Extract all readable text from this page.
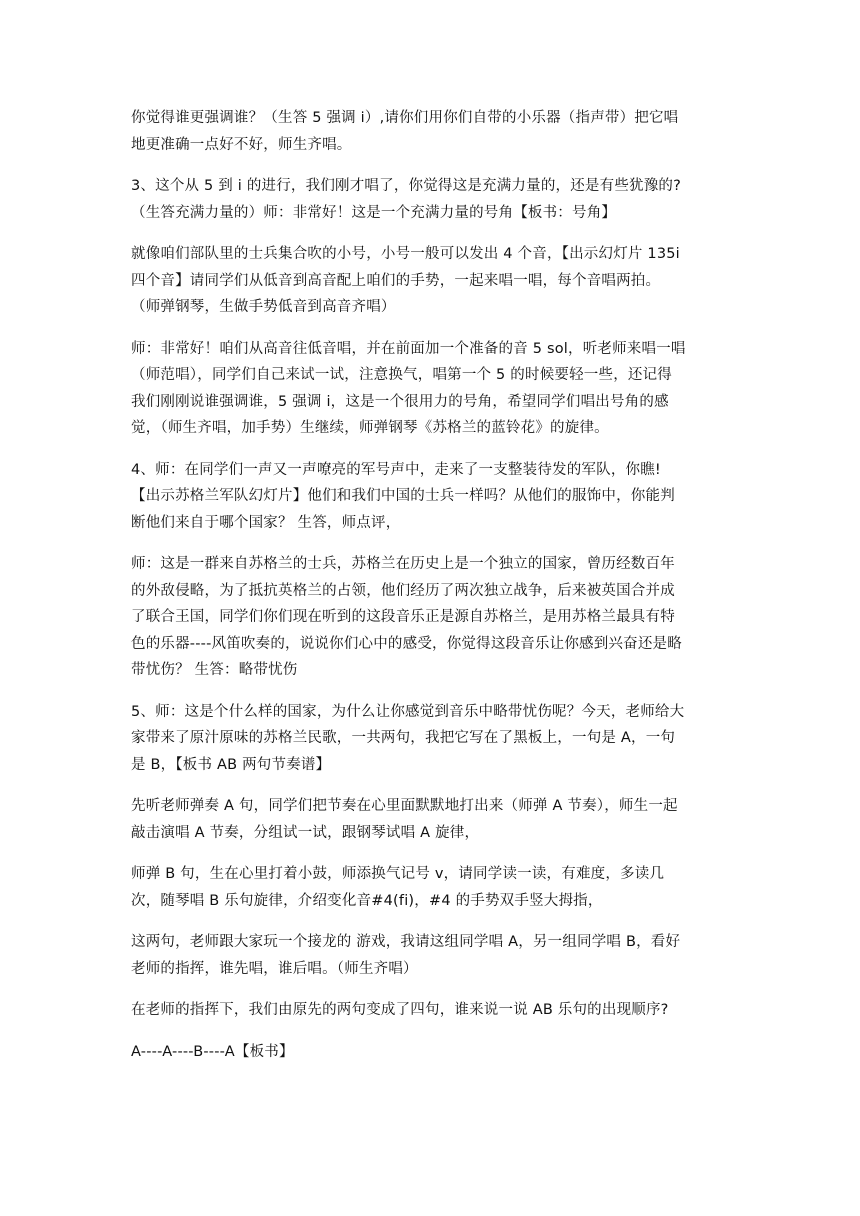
你觉得谁更强调谁？（生答 5 强调 i̇）,请你们用你们自带的小乐器（指声带）把它唱
地更准确一点好不好，师生齐唱。

3、这个从 5 到 i 的进行，我们刚才唱了，你觉得这是充满力量的，还是有些犹豫的?
（生答充满力量的）师：非常好！这是一个充满力量的号角【板书：号角】

就像咱们部队里的士兵集合吹的小号，小号一般可以发出 4 个音，【出示幻灯片 135i
四个音】请同学们从低音到高音配上咱们的手势，一起来唱一唱，每个音唱两拍。
（师弹钢琴，生做手势低音到高音齐唱）

师：非常好！咱们从高音往低音唱，并在前面加一个准备的音 5 sol，听老师来唱一唱
（师范唱），同学们自己来试一试，注意换气，唱第一个 5 的时候要轻一些，还记得
我们刚刚说谁强调谁，5 强调 i，这是一个很用力的号角，希望同学们唱出号角的感
觉，（师生齐唱，加手势）生继续，师弹钢琴《苏格兰的蓝铃花》的旋律。

4、师：在同学们一声又一声嘹亮的军号声中，走来了一支整装待发的军队，你瞧!
【出示苏格兰军队幻灯片】他们和我们中国的士兵一样吗？从他们的服饰中，你能判
断他们来自于哪个国家？ 生答，师点评，

师：这是一群来自苏格兰的士兵，苏格兰在历史上是一个独立的国家，曾历经数百年
的外敌侵略，为了抵抗英格兰的占领，他们经历了两次独立战争，后来被英国合并成
了联合王国，同学们你们现在听到的这段音乐正是源自苏格兰，是用苏格兰最具有特
色的乐器----风笛吹奏的，说说你们心中的感受，你觉得这段音乐让你感到兴奋还是略
带忧伤？ 生答：略带忧伤

5、师：这是个什么样的国家，为什么让你感觉到音乐中略带忧伤呢？今天，老师给大
家带来了原汁原味的苏格兰民歌，一共两句，我把它写在了黑板上，一句是 A，一句
是 B，【板书 AB 两句节奏谱】

先听老师弹奏 A 句，同学们把节奏在心里面默默地打出来（师弹 A 节奏），师生一起
敲击演唱 A 节奏，分组试一试，跟钢琴试唱 A 旋律，

师弹 B 句，生在心里打着小鼓，师添换气记号 v，请同学读一读，有难度，多读几
次，随琴唱 B 乐句旋律，介绍变化音#4(fi)，#4 的手势双手竖大拇指，

这两句，老师跟大家玩一个接龙的 游戏，我请这组同学唱 A，另一组同学唱 B，看好
老师的指挥，谁先唱，谁后唱。（师生齐唱）

在老师的指挥下，我们由原先的两句变成了四句，谁来说一说 AB 乐句的出现顺序?

A----A----B----A【板书】
